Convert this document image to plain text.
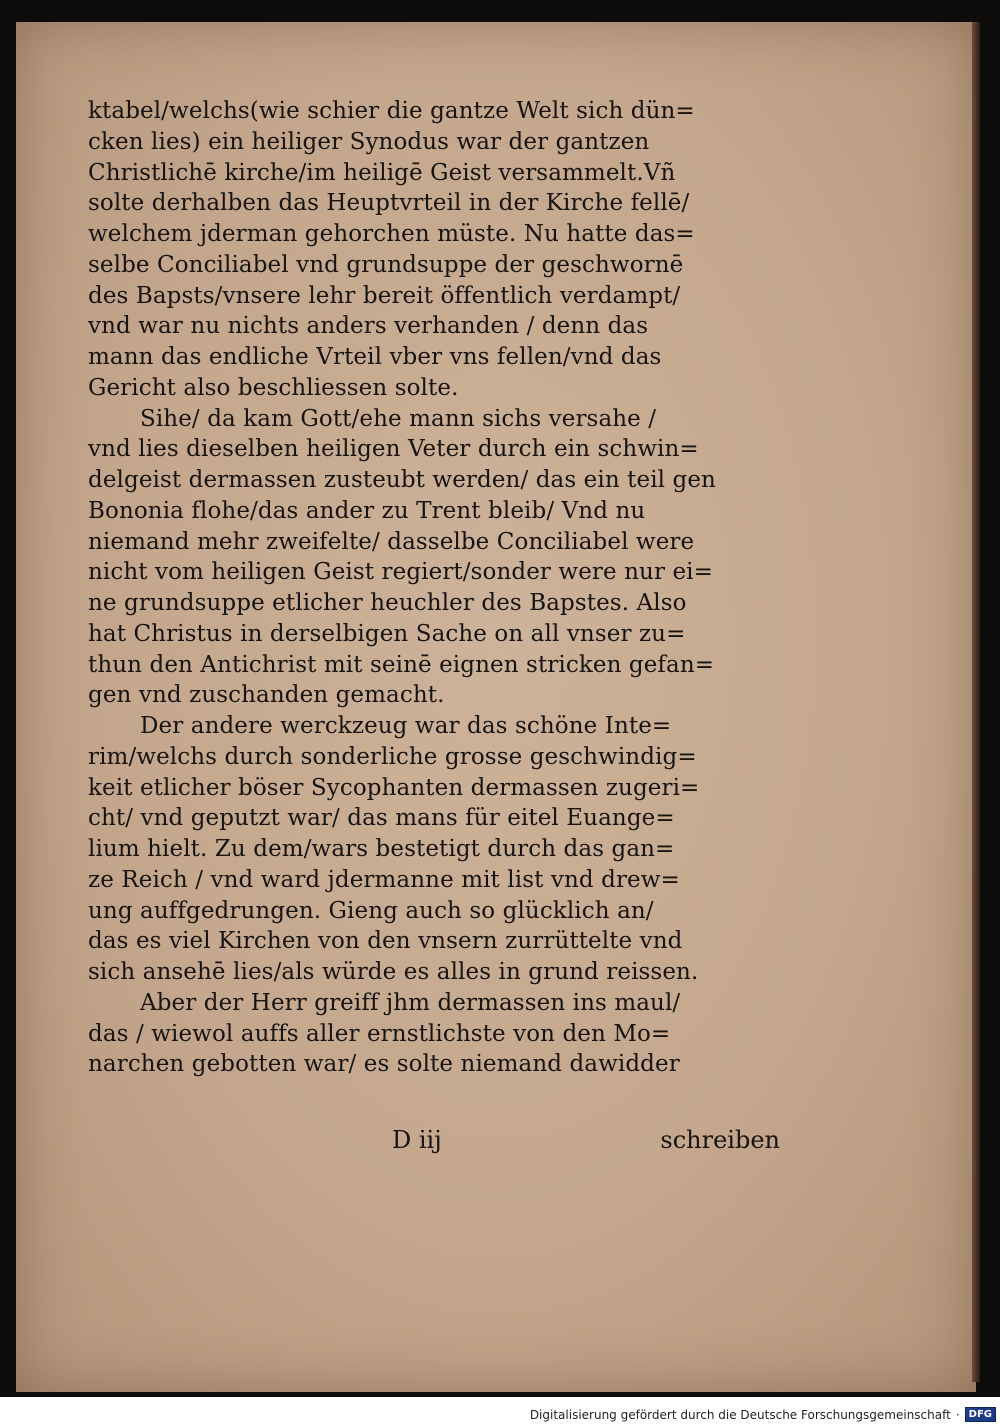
ktabel/welchs(wie schier die gantze Welt sich dün=
cken lies) ein heiliger Synodus war der gantzen
Christlichē kirche/im heiligē Geist versammelt.Vñ
solte derhalben das Heuptvrteil in der Kirche fellē/
welchem jderman gehorchen müste. Nu hatte das=
selbe Conciliabel vnd grundsuppe der geschwornē
des Bapsts/vnsere lehr bereit öffentlich verdampt/
vnd war nu nichts anders verhanden / denn das
mann das endliche Vrteil vber vns fellen/vnd das
Gericht also beschliessen solte.
Sihe/ da kam Gott/ehe mann sichs versahe /
vnd lies dieselben heiligen Veter durch ein schwin=
delgeist dermassen zusteubt werden/ das ein teil gen
Bononia flohe/das ander zu Trent bleib/ Vnd nu
niemand mehr zweifelte/ dasselbe Conciliabel were
nicht vom heiligen Geist regiert/sonder were nur ei=
ne grundsuppe etlicher heuchler des Bapstes. Also
hat Christus in derselbigen Sache on all vnser zu=
thun den Antichrist mit seinē eignen stricken gefan=
gen vnd zuschanden gemacht.
Der andere werckzeug war das schöne Inte=
rim/welchs durch sonderliche grosse geschwindig=
keit etlicher böser Sycophanten dermassen zugeri=
cht/ vnd geputzt war/ das mans für eitel Euange=
lium hielt. Zu dem/wars bestetigt durch das gan=
ze Reich / vnd ward jdermanne mit list vnd drew=
ung auffgedrungen. Gieng auch so glücklich an/
das es viel Kirchen von den vnsern zurrüttelte vnd
sich ansehē lies/als würde es alles in grund reissen.
Aber der Herr greiff jhm dermassen ins maul/
das / wiewol auffs aller ernstlichste von den Mo=
narchen gebotten war/ es solte niemand dawidder
D iij	schreiben
Digitalisierung gefördert durch die Deutsche Forschungsgemeinschaft · DFG
